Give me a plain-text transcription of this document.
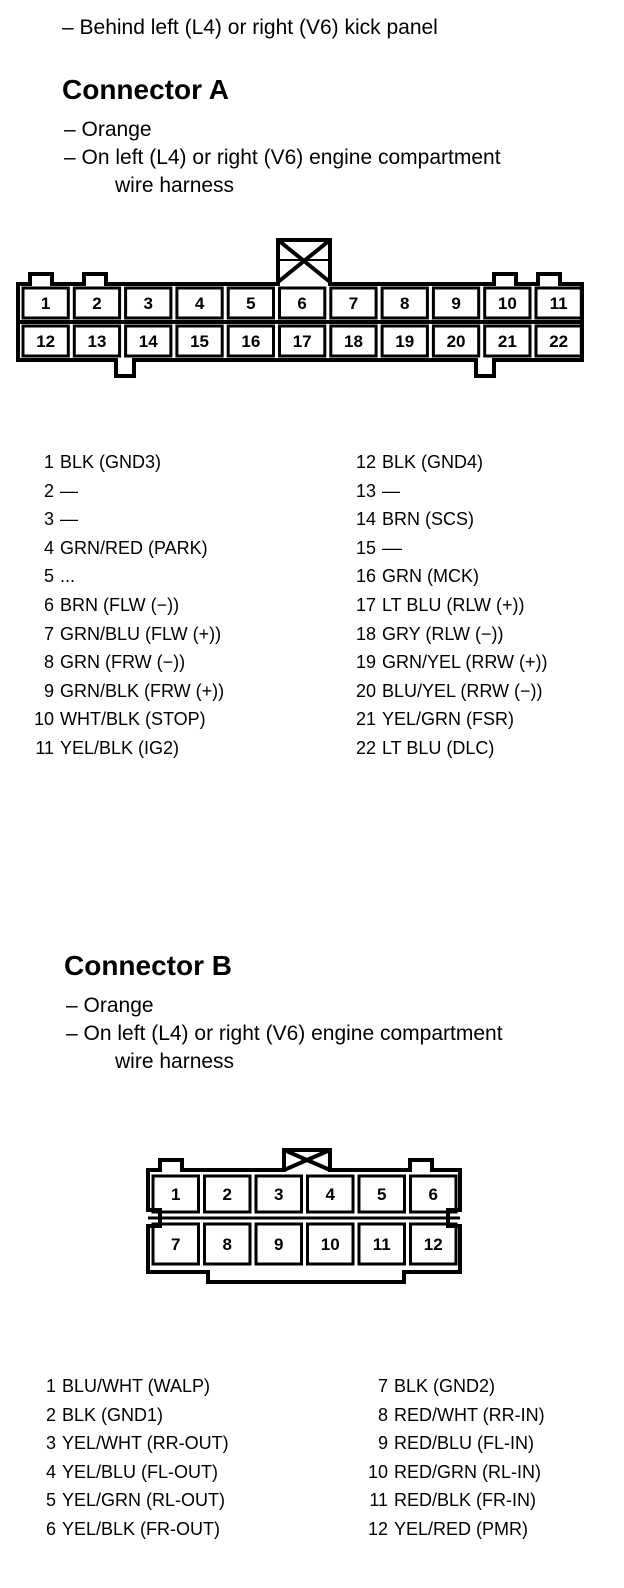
– Behind left (L4) or right (V6) kick panel
Connector A
– Orange
– On left (L4) or right (V6) engine compartment
wire harness
1 2 3 4 5 6 7 8 9 10 11
12 13 14 15 16 17 18 19 20 21 22
1 BLK (GND3)
2 —
3 —
4 GRN/RED (PARK)
5 ...
6 BRN (FLW (−))
7 GRN/BLU (FLW (+))
8 GRN (FRW (−))
9 GRN/BLK (FRW (+))
10 WHT/BLK (STOP)
11 YEL/BLK (IG2)
12 BLK (GND4)
13 —
14 BRN (SCS)
15 ––
16 GRN (MCK)
17 LT BLU (RLW (+))
18 GRY (RLW (−))
19 GRN/YEL (RRW (+))
20 BLU/YEL (RRW (−))
21 YEL/GRN (FSR)
22 LT BLU (DLC)
Connector B
– Orange
– On left (L4) or right (V6) engine compartment
wire harness
1 2 3 4 5 6
7 8 9 10 11 12
1 BLU/WHT (WALP)
2 BLK (GND1)
3 YEL/WHT (RR-OUT)
4 YEL/BLU (FL-OUT)
5 YEL/GRN (RL-OUT)
6 YEL/BLK (FR-OUT)
7 BLK (GND2)
8 RED/WHT (RR-IN)
9 RED/BLU (FL-IN)
10 RED/GRN (RL-IN)
11 RED/BLK (FR-IN)
12 YEL/RED (PMR)
